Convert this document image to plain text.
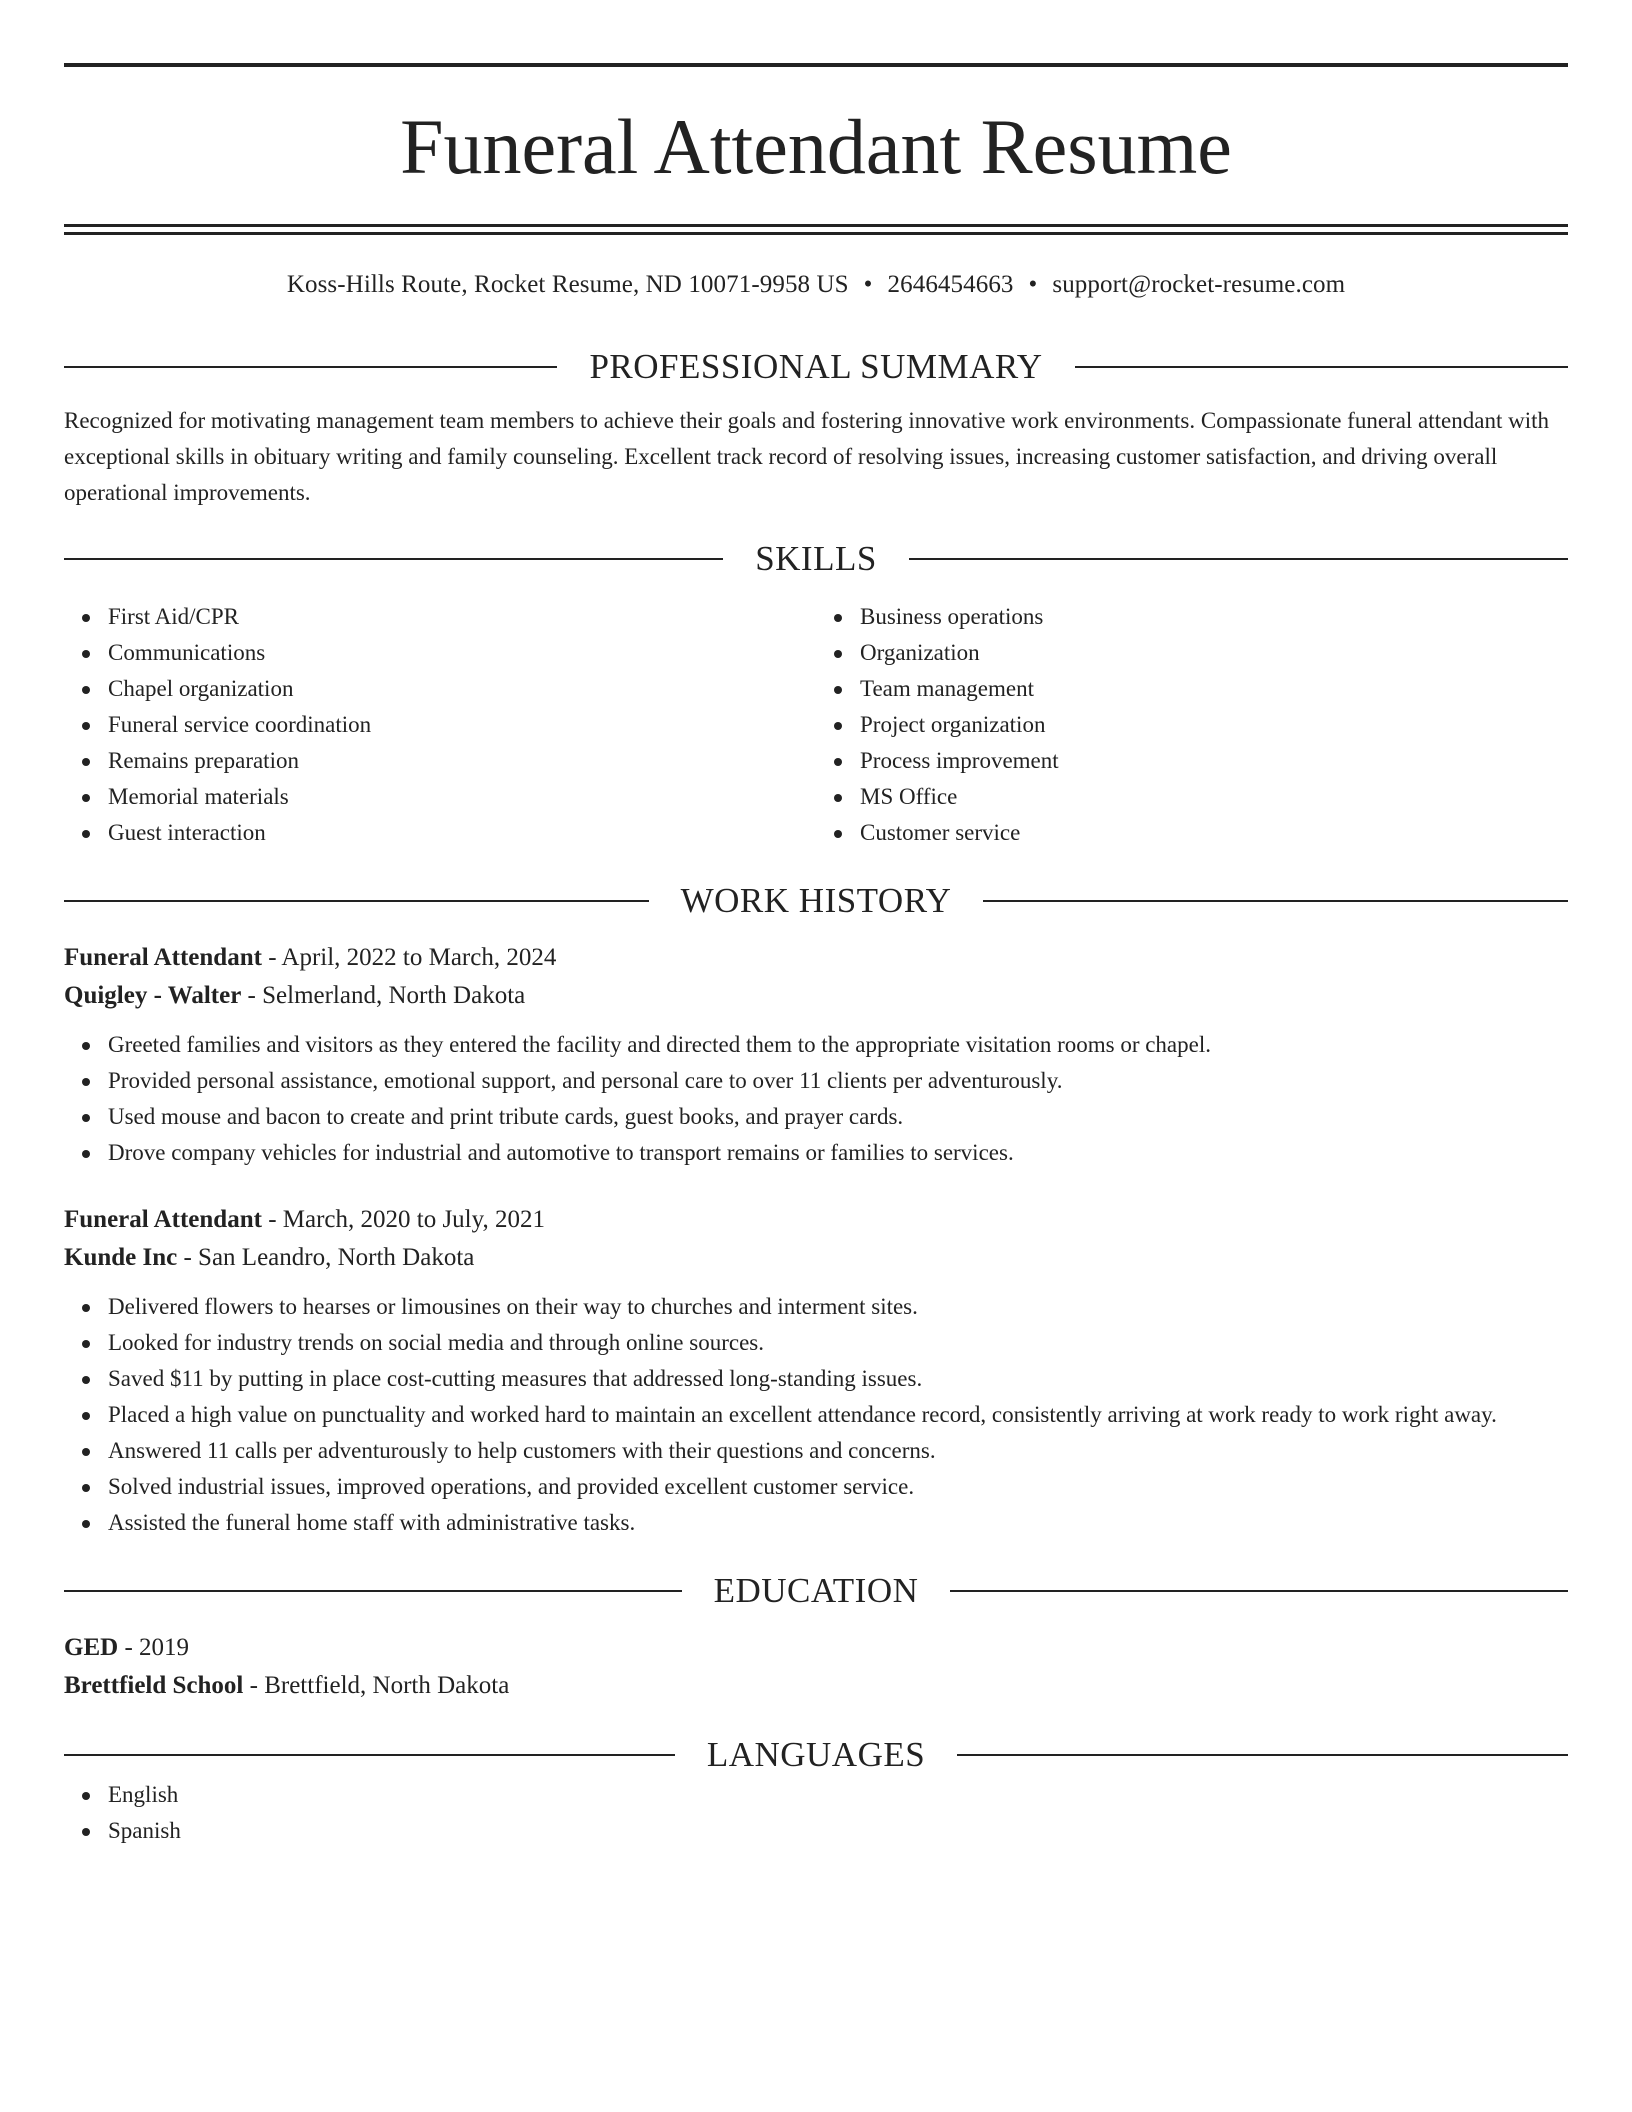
Funeral Attendant Resume
Koss-Hills Route, Rocket Resume, ND 10071-9958 US • 2646454663 • support@rocket-resume.com
PROFESSIONAL SUMMARY
Recognized for motivating management team members to achieve their goals and fostering innovative work environments. Compassionate funeral attendant with exceptional skills in obituary writing and family counseling. Excellent track record of resolving issues, increasing customer satisfaction, and driving overall operational improvements.
SKILLS
First Aid/CPR
Communications
Chapel organization
Funeral service coordination
Remains preparation
Memorial materials
Guest interaction
Business operations
Organization
Team management
Project organization
Process improvement
MS Office
Customer service
WORK HISTORY
Funeral Attendant - April, 2022 to March, 2024
Quigley - Walter - Selmerland, North Dakota
Greeted families and visitors as they entered the facility and directed them to the appropriate visitation rooms or chapel.
Provided personal assistance, emotional support, and personal care to over 11 clients per adventurously.
Used mouse and bacon to create and print tribute cards, guest books, and prayer cards.
Drove company vehicles for industrial and automotive to transport remains or families to services.
Funeral Attendant - March, 2020 to July, 2021
Kunde Inc - San Leandro, North Dakota
Delivered flowers to hearses or limousines on their way to churches and interment sites.
Looked for industry trends on social media and through online sources.
Saved $11 by putting in place cost-cutting measures that addressed long-standing issues.
Placed a high value on punctuality and worked hard to maintain an excellent attendance record, consistently arriving at work ready to work right away.
Answered 11 calls per adventurously to help customers with their questions and concerns.
Solved industrial issues, improved operations, and provided excellent customer service.
Assisted the funeral home staff with administrative tasks.
EDUCATION
GED - 2019
Brettfield School - Brettfield, North Dakota
LANGUAGES
English
Spanish
